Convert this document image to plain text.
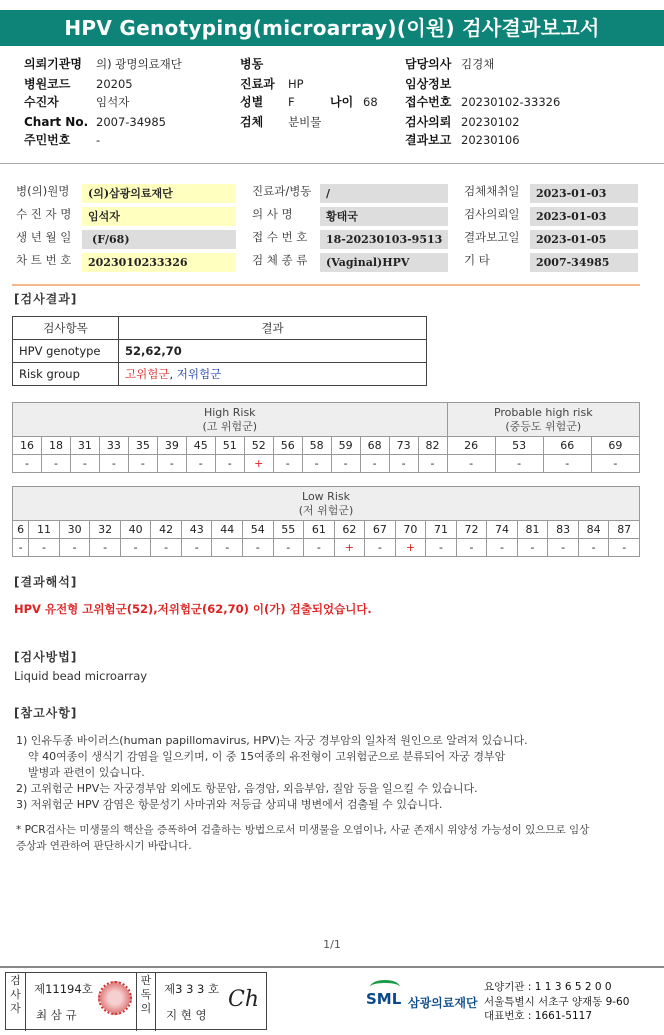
HPV Genotyping(microarray)(이원) 검사결과보고서
의뢰기관명 의) 광명의료재단	병동	담당의사 김경채
병원코드 20205	진료과 HP	임상정보
수진자	임석자	성별 F	나이 68 접수번호 20230102-33326
Chart No. 2007-34985	검체 분비물	검사의뢰 20230102
주민번호 -	결과보고 20230106
병(의)원명	(의)삼광의료재단	진료과/병동	/	검체채취일	2023-01-03
수 진 자 명	임석자	의 사 명	황태국	검사의뢰일	2023-01-03
생 년 월 일	(F/68)	접 수 번 호	18-20230103-9513	결과보고일	2023-01-05
차 트 번 호	2023010233326	검 체 종 류	(Vaginal)HPV	기 타	2007-34985
[검사결과]
검사항목	결과
HPV genotype	52,62,70
Risk group	고위험군, 저위험군
High Risk
(고 위험군)															Probable high risk
(중등도 위험군)			
16	18	31	33	35	39	45	51	52	56	58	59	68	73	82	26	53	66	69
-	-	-	-	-	-	-	-	+	-	-	-	-	-	-	-	-	-	-
Low Risk
(저 위험군)																				
6	11	30	32	40	42	43	44	54	55	61	62	67	70	71	72	74	81	83	84	87
-	-	-	-	-	-	-	-	-	-	-	+	-	+	-	-	-	-	-	-	-
[결과해석]
HPV 유전형 고위험군(52),저위험군(62,70) 이(가) 검출되었습니다.
[검사방법]
Liquid bead microarray
[참고사항]

1) 인유두종 바이러스(human papillomavirus, HPV)는 자궁 경부암의 일차적 원인으로 알려져 있습니다.

약 40여종이 생식기 감염을 일으키며, 이 중 15여종의 유전형이 고위험군으로 분류되어 자궁 경부암

발병과 관련이 있습니다.

2) 고위험군 HPV는 자궁경부암 외에도 항문암, 음경암, 외음부암, 질암 등을 일으킬 수 있습니다.

3) 저위험군 HPV 감염은 항문성기 사마귀와 저등급 상피내 병변에서 검출될 수 있습니다.

* PCR검사는 미생물의 핵산을 증폭하여 검출하는 방법으로서 미생물을 오염이나, 사균 존재시 위양성 가능성이 있으므로 임상

증상과 연관하여 판단하시기 바랍니다.

1/1
검
사
자
제11194호
최 삼 규
판
독
의
제3 3 3 호
지 현 영
Ch	SML 삼광의료재단
요양기관 : 1 1 3 6 5 2 0 0
서울특별시 서초구 양재동 9-60
대표번호 : 1661-5117
